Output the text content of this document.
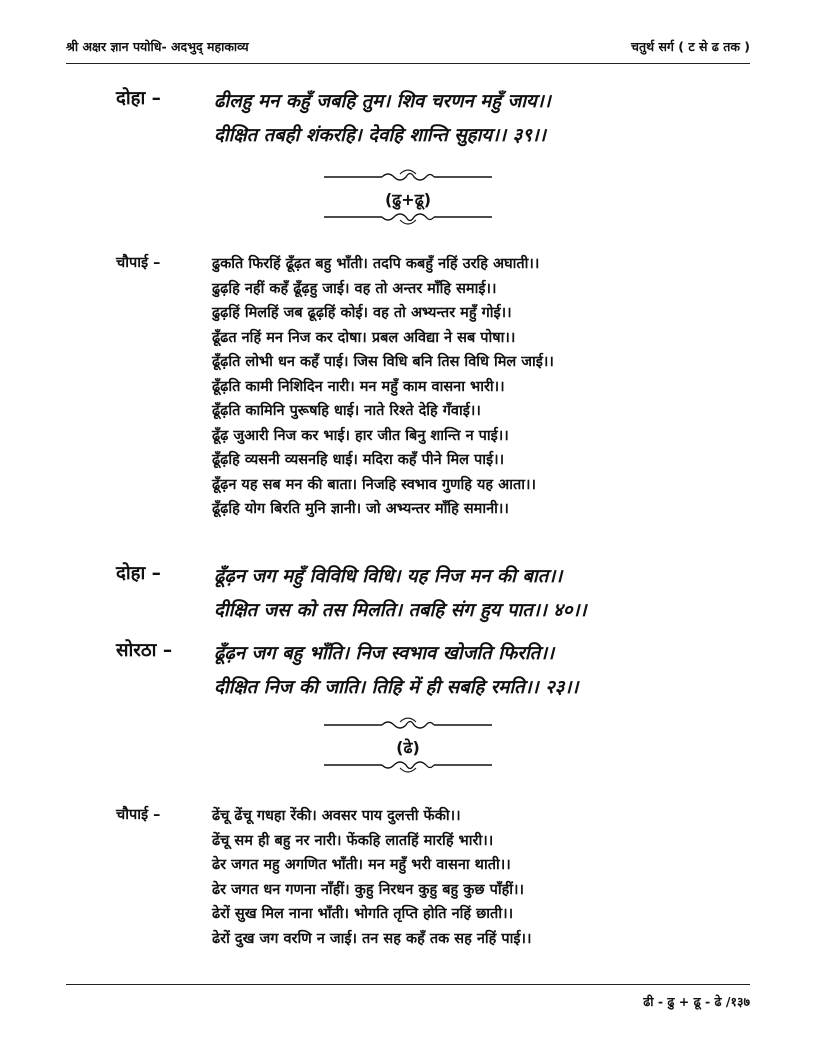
श्री अक्षर ज्ञान पयोधि- अदभुद् महाकाव्य	चतुर्थ सर्ग ( ट से ढ तक )
दोहा –	ढीलहु मन कहुँ जबहि तुम। शिव चरणन महुँ जाय।।
दीक्षित तबही शंकरहि। देवहि शान्ति सुहाय।। ३९।।
(ढु+ढू)
चौपाई –	ढुकति फिरहिं ढूँढ़त बहु भाँती। तदपि कबहुँ नहिं उरहि अघाती।।
ढुढ़हि नहीं कहँ ढूँढ़हु जाई। वह तो अन्तर माँहि समाई।।
ढुढ़हिं मिलहिं जब ढूढ़हिं कोई। वह तो अभ्यन्तर महुँ गोई।।
ढूँढत नहिं मन निज कर दोषा। प्रबल अविद्या ने सब पोषा।।
ढूँढ़ति लोभी धन कहँ पाई। जिस विधि बनि तिस विधि मिल जाई।।
ढूँढ़ति कामी निशिदिन नारी। मन महुँ काम वासना भारी।।
ढूँढ़ति कामिनि पुरूषहि धाई। नाते रिश्ते देहि गँवाई।।
ढूँढ़ जुआरी निज कर भाई। हार जीत बिनु शान्ति न पाई।।
ढूँढ़हि व्यसनी व्यसनहि धाई। मदिरा कहँ पीने मिल पाई।।
ढूँढ़न यह सब मन की बाता। निजहि स्वभाव गुणहि यह आता।।
ढूँढ़हि योग बिरति मुनि ज्ञानी। जो अभ्यन्तर माँहि समानी।।
दोहा –	ढूँढ़न जग महुँ विविधि विधि। यह निज मन की बात।।
दीक्षित जस को तस मिलति। तबहि संग हुय पात।। ४०।।
सोरठा –	ढूँढ़न जग बहु भाँति। निज स्वभाव खोजति फिरति।।
दीक्षित निज की जाति। तिहि में ही सबहि रमति।। २३।।
(ढे)
चौपाई –	ढेंचू ढेंचू गधहा रेंकी। अवसर पाय दुलत्ती फेंकी।।
ढेंचू सम ही बहु नर नारी। फेंकहि लातहिं मारहिं भारी।।
ढेर जगत महु अगणित भाँती। मन महुँ भरी वासना थाती।।
ढेर जगत धन गणना नाँहीं। कुहु निरधन कुहु बहु कुछ पाँहीं।।
ढेरों सुख मिल नाना भाँती। भोगति तृप्ति होति नहिं छाती।।
ढेरों दुख जग वरणि न जाई। तन सह कहँ तक सह नहिं पाई।।
ढी - ढु + ढू - ढे /१३७
